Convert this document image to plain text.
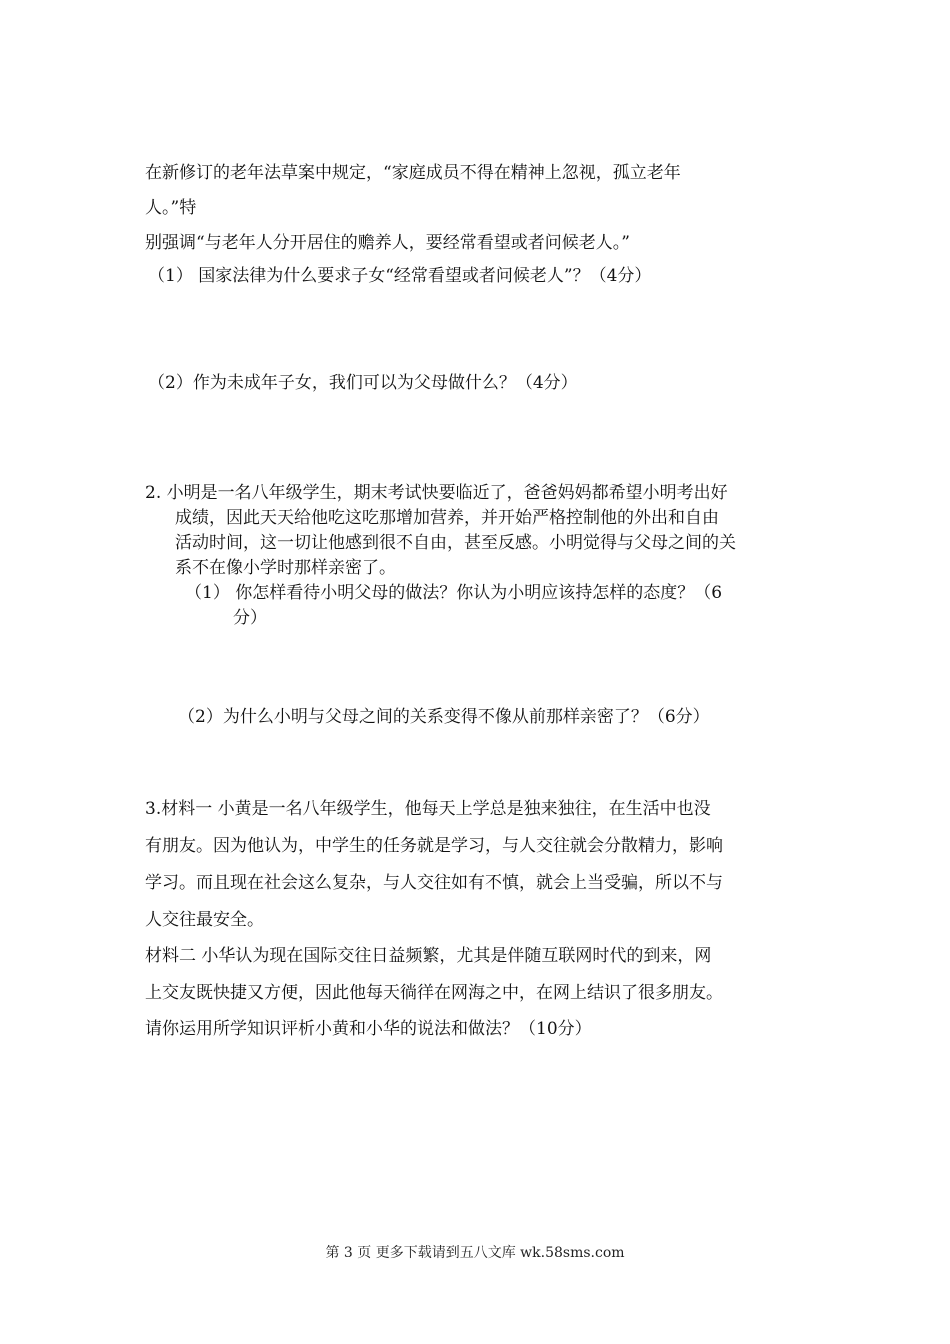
在新修订的老年法草案中规定，“家庭成员不得在精神上忽视，孤立老年
人。”特
别强调“与老年人分开居住的赡养人，要经常看望或者问候老人。”
（1） 国家法律为什么要求子女“经常看望或者问候老人”？（4分）
（2）作为未成年子女，我们可以为父母做什么？（4分）
2. 小明是一名八年级学生，期末考试快要临近了，爸爸妈妈都希望小明考出好
成绩，因此天天给他吃这吃那增加营养，并开始严格控制他的外出和自由
活动时间，这一切让他感到很不自由，甚至反感。小明觉得与父母之间的关
系不在像小学时那样亲密了。
（1） 你怎样看待小明父母的做法？你认为小明应该持怎样的态度？（6
分）
（2）为什么小明与父母之间的关系变得不像从前那样亲密了？（6分）
3.材料一 小黄是一名八年级学生，他每天上学总是独来独往，在生活中也没
有朋友。因为他认为，中学生的任务就是学习，与人交往就会分散精力，影响
学习。而且现在社会这么复杂，与人交往如有不慎，就会上当受骗，所以不与
人交往最安全。
材料二 小华认为现在国际交往日益频繁，尤其是伴随互联网时代的到来，网
上交友既快捷又方便，因此他每天徜徉在网海之中，在网上结识了很多朋友。
请你运用所学知识评析小黄和小华的说法和做法？（10分）
第 3 页 更多下载请到五八文库 wk.58sms.com
